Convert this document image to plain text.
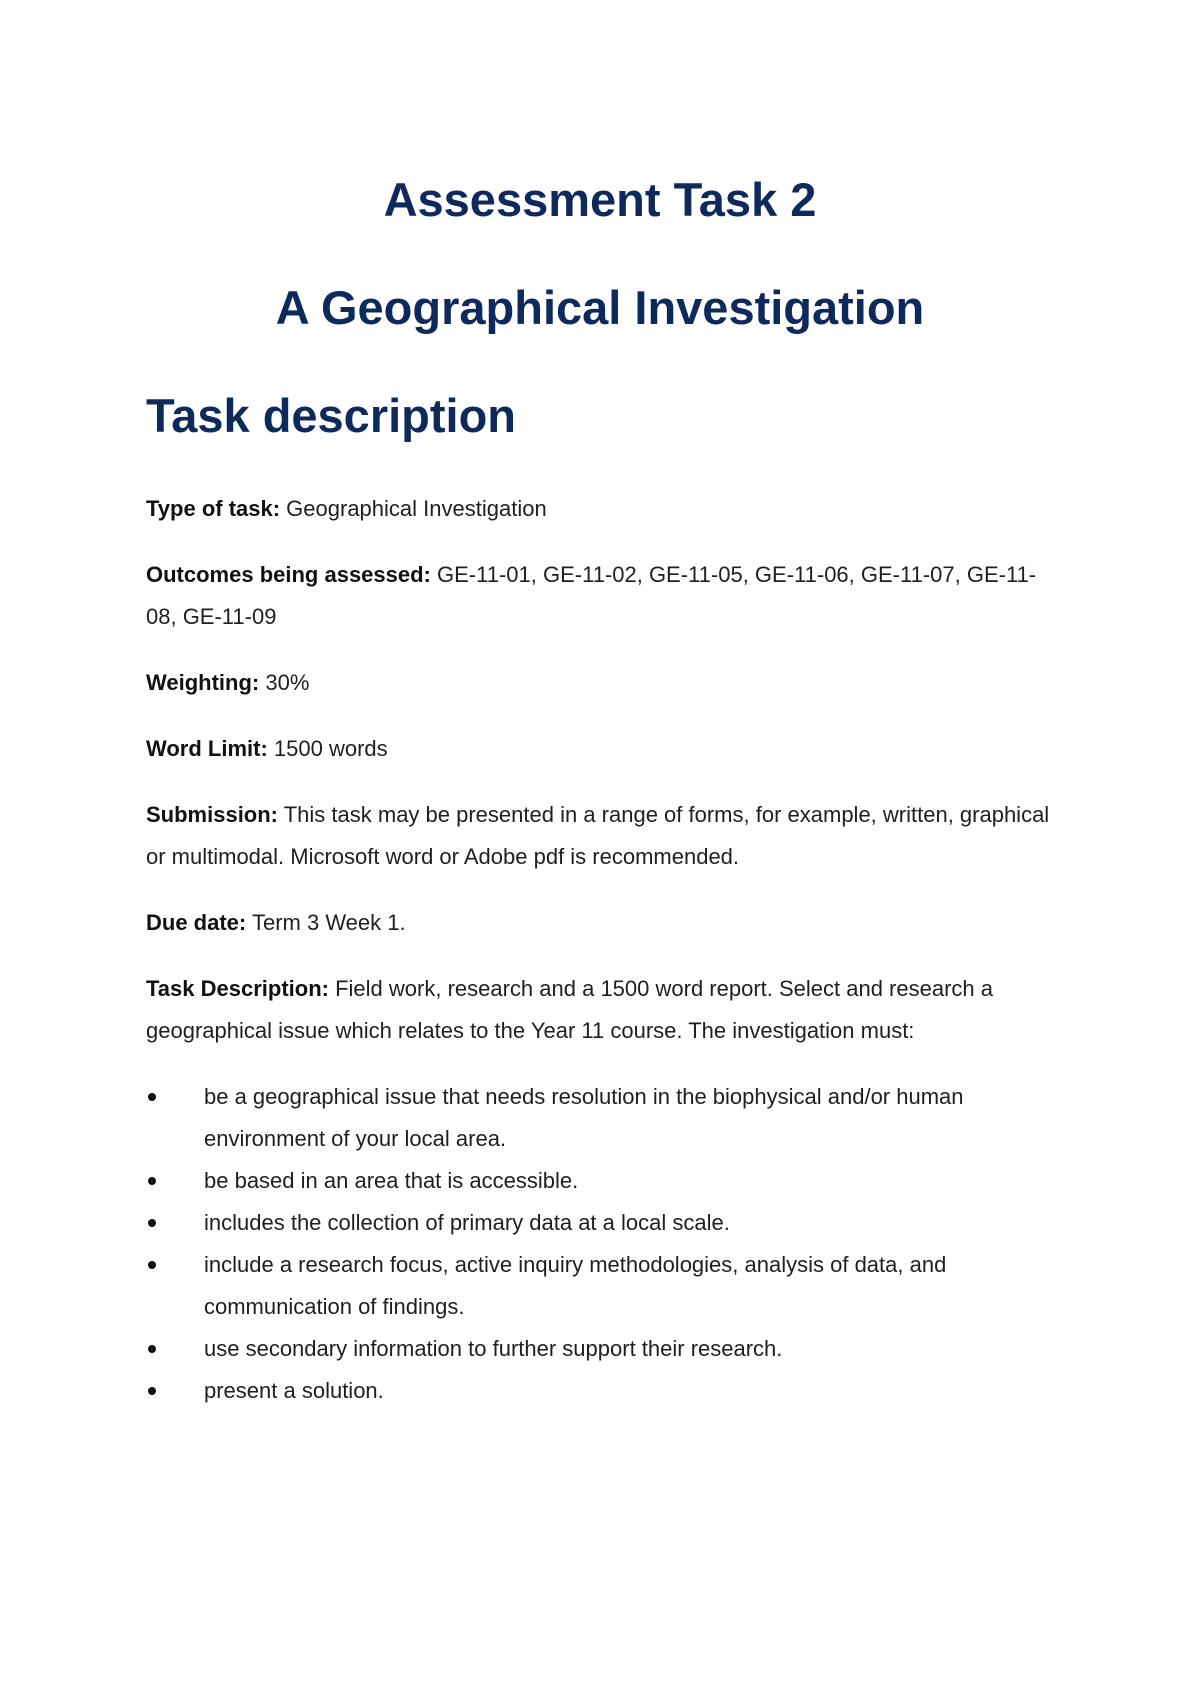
Assessment Task 2
A Geographical Investigation
Task description

Type of task: Geographical Investigation

Outcomes being assessed: GE-11-01, GE-11-02, GE-11-05, GE-11-06, GE-11-07, GE-11-08, GE-11-09

Weighting: 30%

Word Limit: 1500 words

Submission: This task may be presented in a range of forms, for example, written, graphical or multimodal. Microsoft word or Adobe pdf is recommended.

Due date: Term 3 Week 1.

Task Description: Field work, research and a 1500 word report. Select and research a geographical issue which relates to the Year 11 course. The investigation must:

be a geographical issue that needs resolution in the biophysical and/or human environment of your local area.
be based in an area that is accessible.
includes the collection of primary data at a local scale.
include a research focus, active inquiry methodologies, analysis of data, and communication of findings.
use secondary information to further support their research.
present a solution.
